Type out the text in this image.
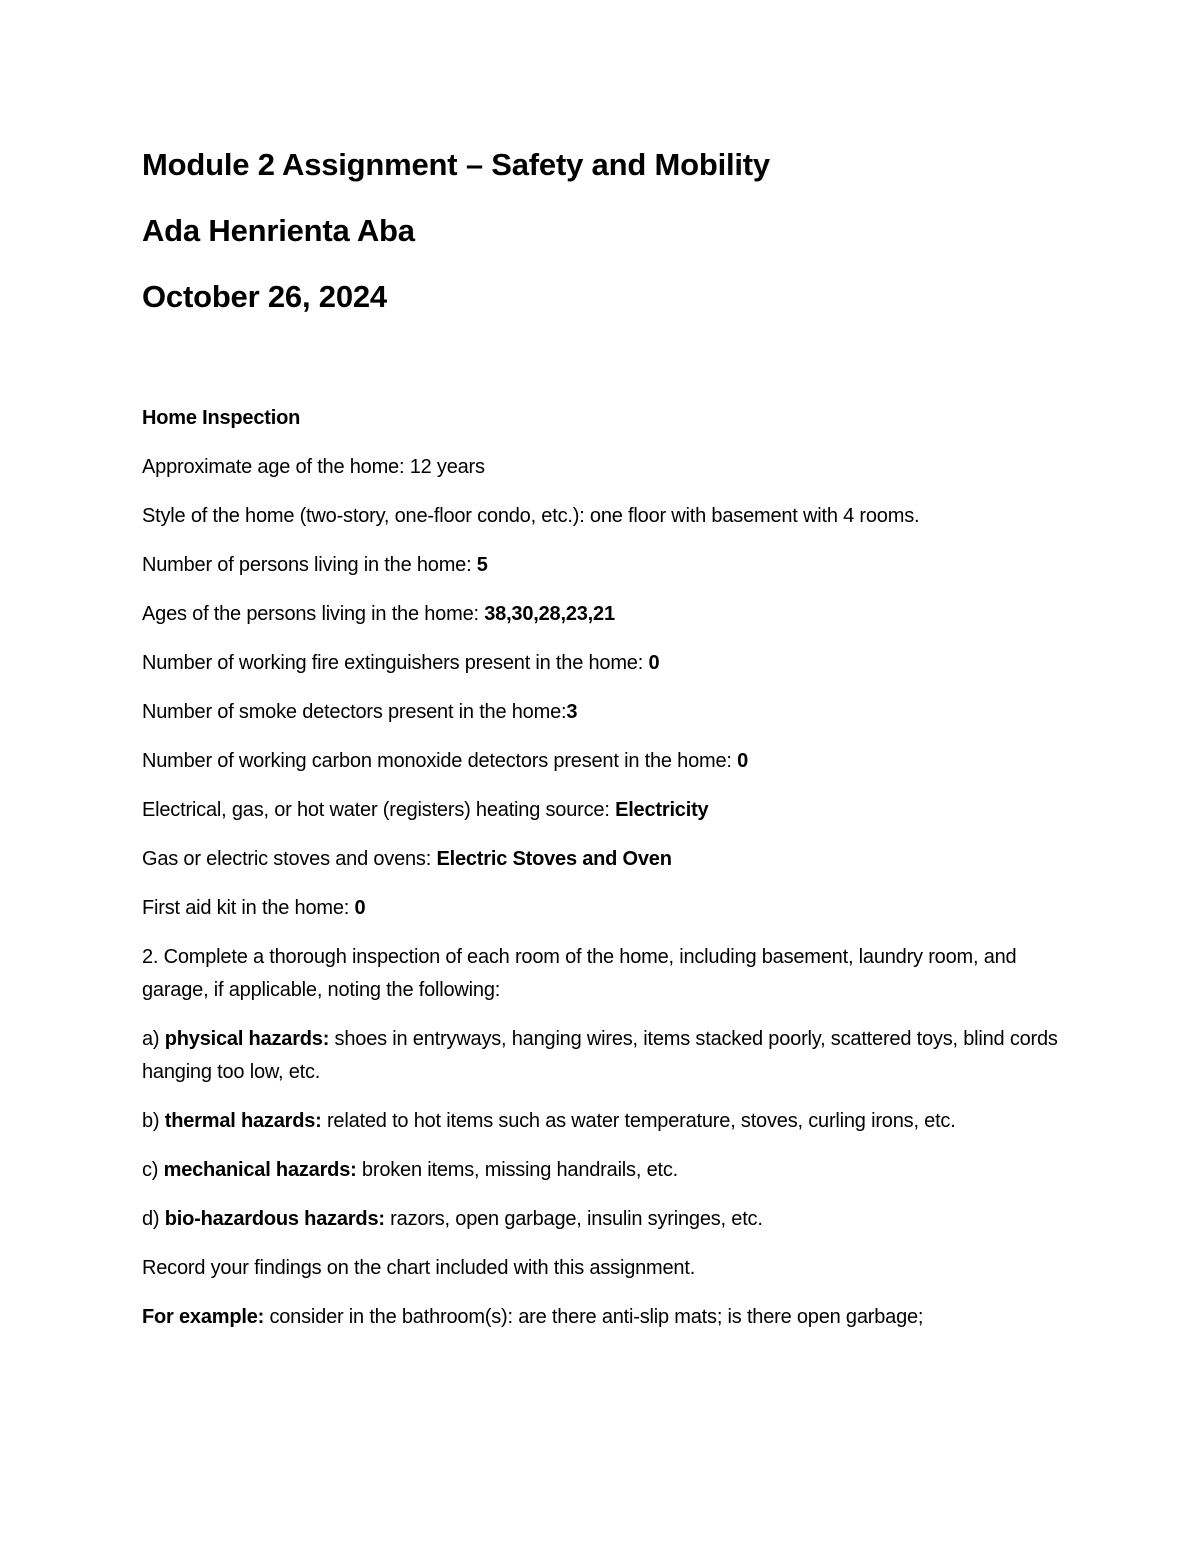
Module 2 Assignment – Safety and Mobility
Ada Henrienta Aba
October 26, 2024

Home Inspection

Approximate age of the home: 12 years

Style of the home (two-story, one-floor condo, etc.): one floor with basement with 4 rooms.

Number of persons living in the home: 5

Ages of the persons living in the home: 38,30,28,23,21

Number of working fire extinguishers present in the home: 0

Number of smoke detectors present in the home:3

Number of working carbon monoxide detectors present in the home: 0

Electrical, gas, or hot water (registers) heating source: Electricity

Gas or electric stoves and ovens: Electric Stoves and Oven

First aid kit in the home: 0

2. Complete a thorough inspection of each room of the home, including basement, laundry room, and garage, if applicable, noting the following:

a) physical hazards: shoes in entryways, hanging wires, items stacked poorly, scattered toys, blind cords hanging too low, etc.

b) thermal hazards: related to hot items such as water temperature, stoves, curling irons, etc.

c) mechanical hazards: broken items, missing handrails, etc.

d) bio-hazardous hazards: razors, open garbage, insulin syringes, etc.

Record your findings on the chart included with this assignment.

For example: consider in the bathroom(s): are there anti-slip mats; is there open garbage;
